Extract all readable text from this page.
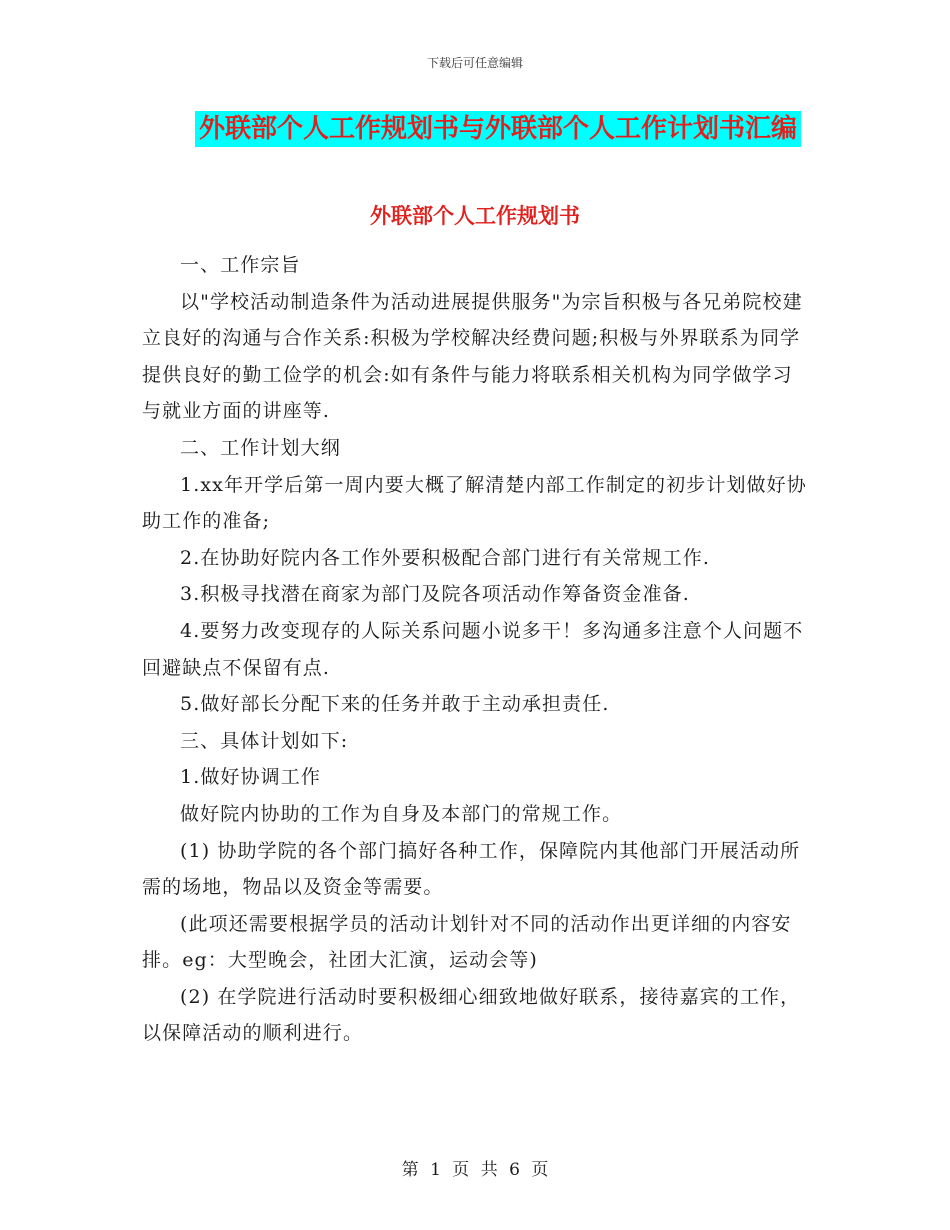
下载后可任意编辑
外联部个人工作规划书与外联部个人工作计划书汇编
外联部个人工作规划书

一、工作宗旨

以"学校活动制造条件为活动进展提供服务"为宗旨积极与各兄弟院校建立良好的沟通与合作关系:积极为学校解决经费问题;积极与外界联系为同学提供良好的勤工俭学的机会:如有条件与能力将联系相关机构为同学做学习与就业方面的讲座等.

二、工作计划大纲

1.xx年开学后第一周内要大概了解清楚内部工作制定的初步计划做好协助工作的准备;

2.在协助好院内各工作外要积极配合部门进行有关常规工作.

3.积极寻找潜在商家为部门及院各项活动作筹备资金准备.

4.要努力改变现存的人际关系问题小说多干！多沟通多注意个人问题不回避缺点不保留有点.

5.做好部长分配下来的任务并敢于主动承担责任.

三、具体计划如下:

1.做好协调工作

做好院内协助的工作为自身及本部门的常规工作。

(1) 协助学院的各个部门搞好各种工作，保障院内其他部门开展活动所需的场地，物品以及资金等需要。

(此项还需要根据学员的活动计划针对不同的活动作出更详细的内容安排。eg：大型晚会，社团大汇演，运动会等)

(2) 在学院进行活动时要积极细心细致地做好联系，接待嘉宾的工作，以保障活动的顺利进行。

第 1 页 共 6 页
